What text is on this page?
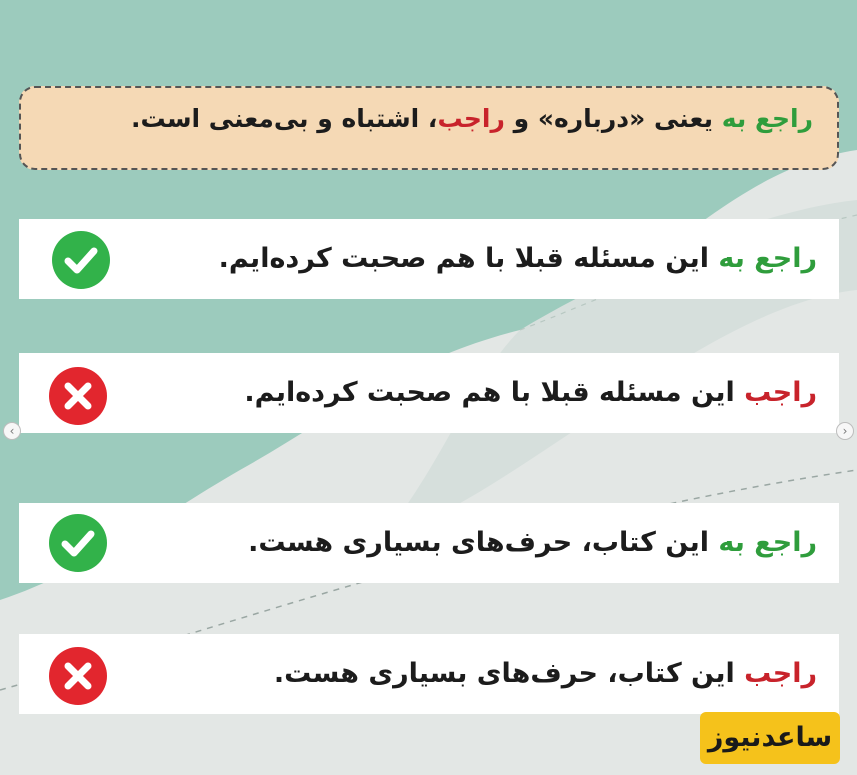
راجع به یعنی «درباره» و راجب، اشتباه و بی‌معنی است.
راجع به این مسئله قبلا با هم صحبت کرده‌ایم.
راجب این مسئله قبلا با هم صحبت کرده‌ایم.
راجع به این کتاب، حرف‌های بسیاری هست.
راجب این کتاب، حرف‌های بسیاری هست.
‹	›
ساعدنیوز
